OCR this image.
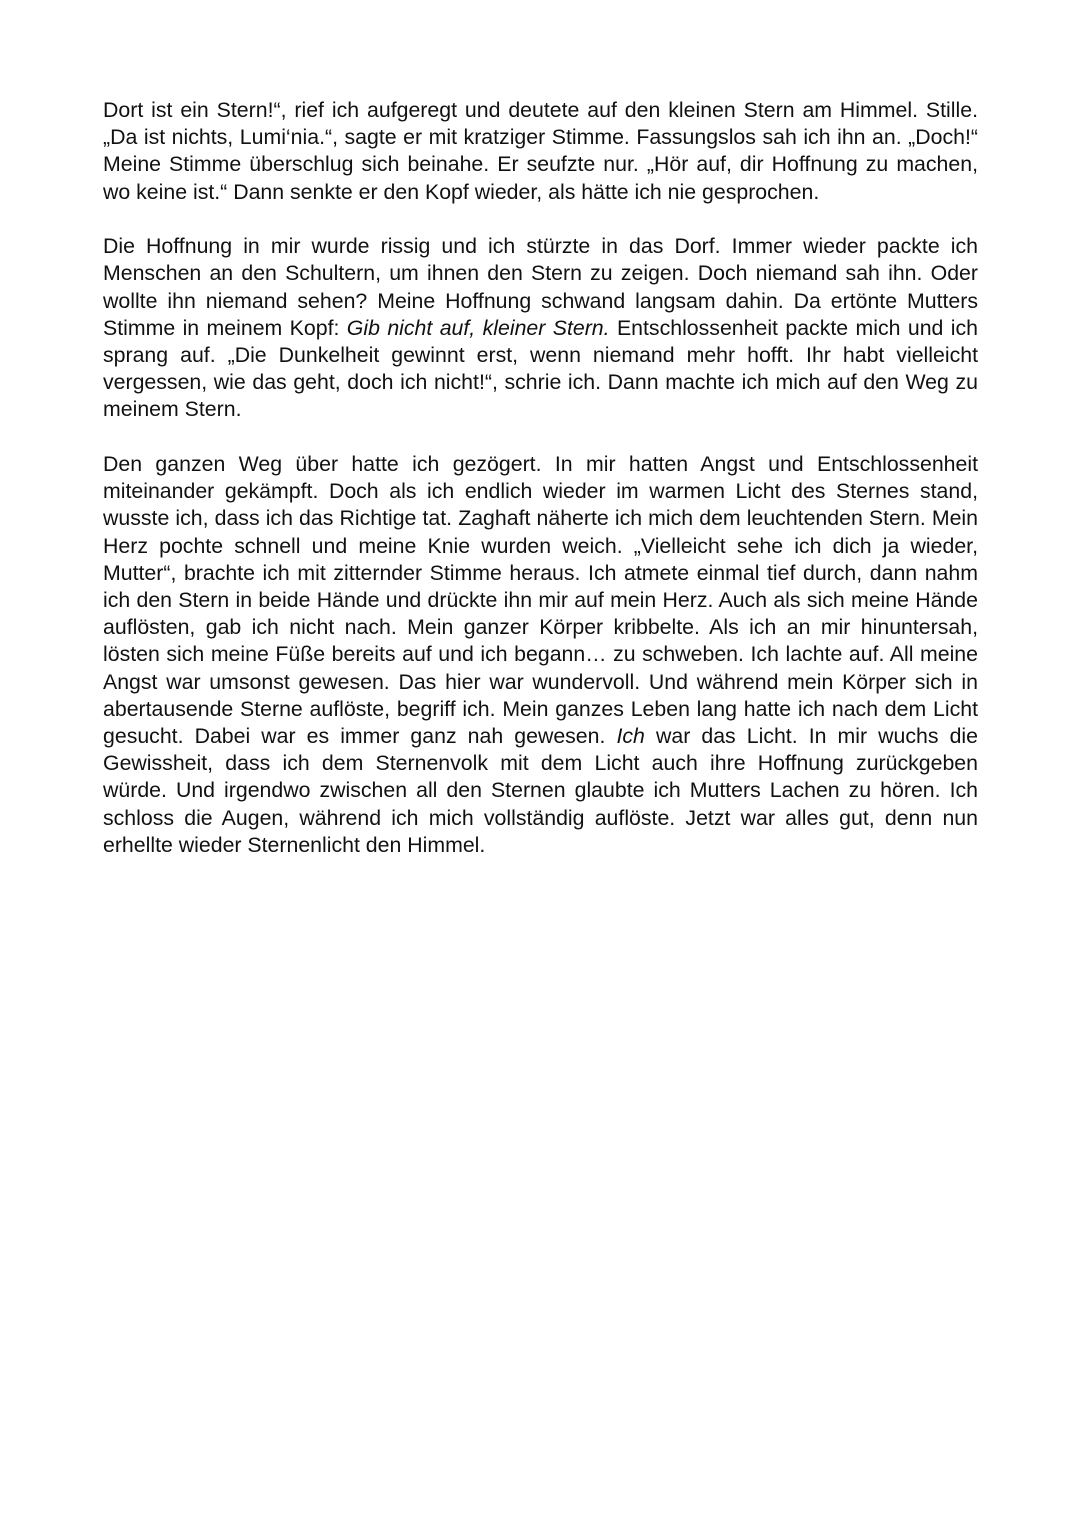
Dort ist ein Stern!“, rief ich aufgeregt und deutete auf den kleinen Stern am Himmel. Stille. „Da ist nichts, Lumi‘nia.“, sagte er mit kratziger Stimme. Fassungslos sah ich ihn an. „Doch!“ Meine Stimme überschlug sich beinahe. Er seufzte nur. „Hör auf, dir Hoffnung zu machen, wo keine ist.“ Dann senkte er den Kopf wieder, als hätte ich nie gesprochen.

Die Hoffnung in mir wurde rissig und ich stürzte in das Dorf. Immer wieder packte ich Menschen an den Schultern, um ihnen den Stern zu zeigen. Doch niemand sah ihn. Oder wollte ihn niemand sehen? Meine Hoffnung schwand langsam dahin. Da ertönte Mutters Stimme in meinem Kopf: Gib nicht auf, kleiner Stern. Entschlossenheit packte mich und ich sprang auf. „Die Dunkelheit gewinnt erst, wenn niemand mehr hofft. Ihr habt vielleicht vergessen, wie das geht, doch ich nicht!“, schrie ich. Dann machte ich mich auf den Weg zu meinem Stern.

Den ganzen Weg über hatte ich gezögert. In mir hatten Angst und Entschlossenheit miteinander gekämpft. Doch als ich endlich wieder im warmen Licht des Sternes stand, wusste ich, dass ich das Richtige tat. Zaghaft näherte ich mich dem leuchtenden Stern. Mein Herz pochte schnell und meine Knie wurden weich. „Vielleicht sehe ich dich ja wieder, Mutter“, brachte ich mit zitternder Stimme heraus. Ich atmete einmal tief durch, dann nahm ich den Stern in beide Hände und drückte ihn mir auf mein Herz. Auch als sich meine Hände auflösten, gab ich nicht nach. Mein ganzer Körper kribbelte. Als ich an mir hinuntersah, lösten sich meine Füße bereits auf und ich begann… zu schweben. Ich lachte auf. All meine Angst war umsonst gewesen. Das hier war wundervoll. Und während mein Körper sich in abertausende Sterne auflöste, begriff ich. Mein ganzes Leben lang hatte ich nach dem Licht gesucht. Dabei war es immer ganz nah gewesen. Ich war das Licht. In mir wuchs die Gewissheit, dass ich dem Sternenvolk mit dem Licht auch ihre Hoffnung zurückgeben würde. Und irgendwo zwischen all den Sternen glaubte ich Mutters Lachen zu hören. Ich schloss die Augen, während ich mich vollständig auflöste. Jetzt war alles gut, denn nun erhellte wieder Sternenlicht den Himmel.
